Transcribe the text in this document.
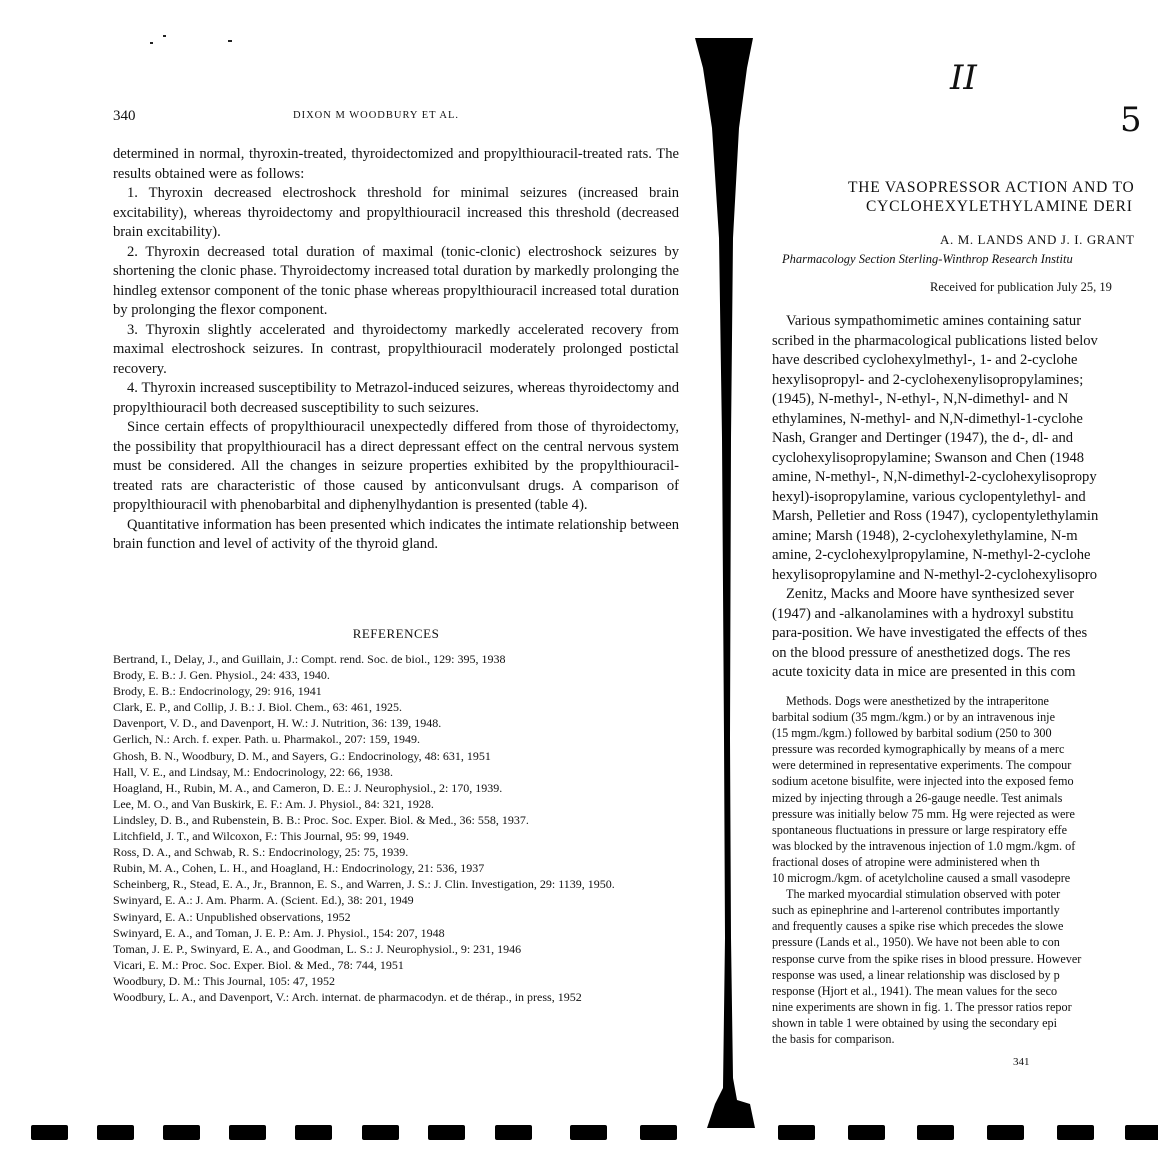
340	DIXON M WOODBURY ET AL.

determined in normal, thyroxin-treated, thyroidectomized and propylthiouracil-treated rats. The results obtained were as follows:

1. Thyroxin decreased electroshock threshold for minimal seizures (increased brain excitability), whereas thyroidectomy and propylthiouracil increased this threshold (decreased brain excitability).

2. Thyroxin decreased total duration of maximal (tonic-clonic) electroshock seizures by shortening the clonic phase. Thyroidectomy increased total duration by markedly prolonging the hindleg extensor component of the tonic phase whereas propylthiouracil increased total duration by prolonging the flexor component.

3. Thyroxin slightly accelerated and thyroidectomy markedly accelerated recovery from maximal electroshock seizures. In contrast, propylthiouracil moderately prolonged postictal recovery.

4. Thyroxin increased susceptibility to Metrazol-induced seizures, whereas thyroidectomy and propylthiouracil both decreased susceptibility to such seizures.

Since certain effects of propylthiouracil unexpectedly differed from those of thyroidectomy, the possibility that propylthiouracil has a direct depressant effect on the central nervous system must be considered. All the changes in seizure properties exhibited by the propylthiouracil-treated rats are characteristic of those caused by anticonvulsant drugs. A comparison of propylthiouracil with phenobarbital and diphenylhydantion is presented (table 4).

Quantitative information has been presented which indicates the intimate relationship between brain function and level of activity of the thyroid gland.

REFERENCES
Bertrand, I., Delay, J., and Guillain, J.: Compt. rend. Soc. de biol., 129: 395, 1938
Brody, E. B.: J. Gen. Physiol., 24: 433, 1940.
Brody, E. B.: Endocrinology, 29: 916, 1941
Clark, E. P., and Collip, J. B.: J. Biol. Chem., 63: 461, 1925.
Davenport, V. D., and Davenport, H. W.: J. Nutrition, 36: 139, 1948.
Gerlich, N.: Arch. f. exper. Path. u. Pharmakol., 207: 159, 1949.
Ghosh, B. N., Woodbury, D. M., and Sayers, G.: Endocrinology, 48: 631, 1951
Hall, V. E., and Lindsay, M.: Endocrinology, 22: 66, 1938.
Hoagland, H., Rubin, M. A., and Cameron, D. E.: J. Neurophysiol., 2: 170, 1939.
Lee, M. O., and Van Buskirk, E. F.: Am. J. Physiol., 84: 321, 1928.
Lindsley, D. B., and Rubenstein, B. B.: Proc. Soc. Exper. Biol. & Med., 36: 558, 1937.
Litchfield, J. T., and Wilcoxon, F.: This Journal, 95: 99, 1949.
Ross, D. A., and Schwab, R. S.: Endocrinology, 25: 75, 1939.
Rubin, M. A., Cohen, L. H., and Hoagland, H.: Endocrinology, 21: 536, 1937
Scheinberg, R., Stead, E. A., Jr., Brannon, E. S., and Warren, J. S.: J. Clin. Investigation, 29: 1139, 1950.
Swinyard, E. A.: J. Am. Pharm. A. (Scient. Ed.), 38: 201, 1949
Swinyard, E. A.: Unpublished observations, 1952
Swinyard, E. A., and Toman, J. E. P.: Am. J. Physiol., 154: 207, 1948
Toman, J. E. P., Swinyard, E. A., and Goodman, L. S.: J. Neurophysiol., 9: 231, 1946
Vicari, E. M.: Proc. Soc. Exper. Biol. & Med., 78: 744, 1951
Woodbury, D. M.: This Journal, 105: 47, 1952
Woodbury, L. A., and Davenport, V.: Arch. internat. de pharmacodyn. et de thérap., in press, 1952
II
5
THE VASOPRESSOR ACTION AND TO
CYCLOHEXYLETHYLAMINE DERI
A. M. LANDS AND J. I. GRANT
Pharmacology Section Sterling-Winthrop Research Institu
Received for publication July 25, 19
Various sympathomimetic amines containing satur
scribed in the pharmacological publications listed belov
have described cyclohexylmethyl-, 1- and 2-cyclohe
hexylisopropyl- and 2-cyclohexenylisopropylamines;
(1945), N-methyl-, N-ethyl-, N,N-dimethyl- and N
ethylamines, N-methyl- and N,N-dimethyl-1-cyclohe
Nash, Granger and Dertinger (1947), the d-, dl- and
cyclohexylisopropylamine; Swanson and Chen (1948
amine, N-methyl-, N,N-dimethyl-2-cyclohexylisopropy
hexyl)-isopropylamine, various cyclopentylethyl- and
Marsh, Pelletier and Ross (1947), cyclopentylethylamin
amine; Marsh (1948), 2-cyclohexylethylamine, N-m
amine, 2-cyclohexylpropylamine, N-methyl-2-cyclohe
hexylisopropylamine and N-methyl-2-cyclohexylisopro
Zenitz, Macks and Moore have synthesized sever
(1947) and -alkanolamines with a hydroxyl substitu
para-position. We have investigated the effects of thes
on the blood pressure of anesthetized dogs. The res
acute toxicity data in mice are presented in this com
Methods. Dogs were anesthetized by the intraperitone
barbital sodium (35 mgm./kgm.) or by an intravenous inje
(15 mgm./kgm.) followed by barbital sodium (250 to 300
pressure was recorded kymographically by means of a merc
were determined in representative experiments. The compour
sodium acetone bisulfite, were injected into the exposed femo
mized by injecting through a 26-gauge needle. Test animals
pressure was initially below 75 mm. Hg were rejected as were
spontaneous fluctuations in pressure or large respiratory effe
was blocked by the intravenous injection of 1.0 mgm./kgm. of
fractional doses of atropine were administered when th
10 microgm./kgm. of acetylcholine caused a small vasodepre
The marked myocardial stimulation observed with poter
such as epinephrine and l-arterenol contributes importantly
and frequently causes a spike rise which precedes the slowe
pressure (Lands et al., 1950). We have not been able to con
response curve from the spike rises in blood pressure. However
response was used, a linear relationship was disclosed by p
response (Hjort et al., 1941). The mean values for the seco
nine experiments are shown in fig. 1. The pressor ratios repor
shown in table 1 were obtained by using the secondary epi
the basis for comparison.
341
